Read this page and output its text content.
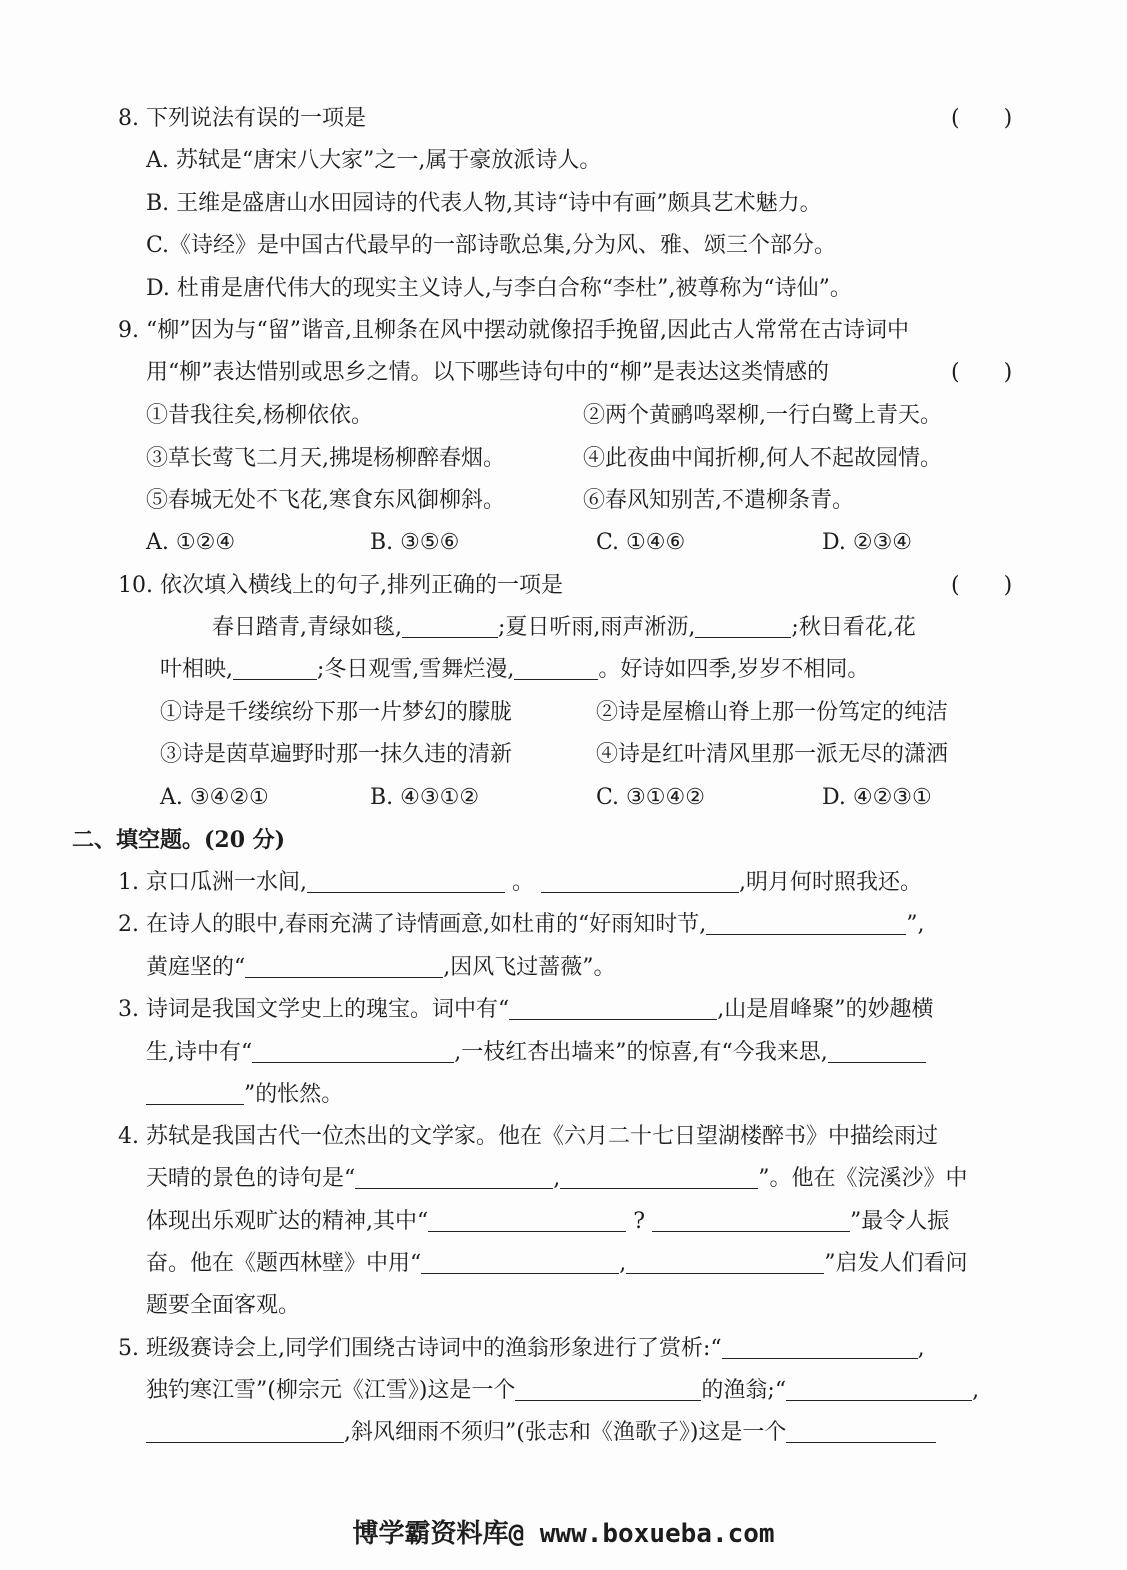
8. 下列说法有误的一项是	(　　)
A. 苏轼是“唐宋八大家”之一,属于豪放派诗人。
B. 王维是盛唐山水田园诗的代表人物,其诗“诗中有画”颇具艺术魅力。
C.《诗经》是中国古代最早的一部诗歌总集,分为风、雅、颂三个部分。
D. 杜甫是唐代伟大的现实主义诗人,与李白合称“李杜”,被尊称为“诗仙”。
9. “柳”因为与“留”谐音,且柳条在风中摆动就像招手挽留,因此古人常常在古诗词中
用“柳”表达惜别或思乡之情。以下哪些诗句中的“柳”是表达这类情感的	(　　)
①昔我往矣,杨柳依依。	②两个黄鹂鸣翠柳,一行白鹭上青天。
③草长莺飞二月天,拂堤杨柳醉春烟。	④此夜曲中闻折柳,何人不起故园情。
⑤春城无处不飞花,寒食东风御柳斜。	⑥春风知别苦,不遣柳条青。
A. ①②④	B. ③⑤⑥	C. ①④⑥	D. ②③④
10. 依次填入横线上的句子,排列正确的一项是	(　　)
春日踏青,青绿如毯,	;夏日听雨,雨声淅沥,	;秋日看花,花
叶相映,	;冬日观雪,雪舞烂漫,	。好诗如四季,岁岁不相同。
①诗是千缕缤纷下那一片梦幻的朦胧	②诗是屋檐山脊上那一份笃定的纯洁
③诗是茵草遍野时那一抹久违的清新	④诗是红叶清风里那一派无尽的潇洒
A. ③④②①	B. ④③①②	C. ③①④②	D. ④②③①
二、填空题。(20 分)
1. 京口瓜洲一水间,	。	,明月何时照我还。
2. 在诗人的眼中,春雨充满了诗情画意,如杜甫的“好雨知时节,	”,
黄庭坚的“	,因风飞过蔷薇”。
3. 诗词是我国文学史上的瑰宝。词中有“	,山是眉峰聚”的妙趣横
生,诗中有“	,一枝红杏出墙来”的惊喜,有“今我来思,
”的怅然。
4. 苏轼是我国古代一位杰出的文学家。他在《六月二十七日望湖楼醉书》中描绘雨过
天晴的景色的诗句是“	,	”。他在《浣溪沙》中
体现出乐观旷达的精神,其中“	?	”最令人振
奋。他在《题西林壁》中用“	,	”启发人们看问
题要全面客观。
5. 班级赛诗会上,同学们围绕古诗词中的渔翁形象进行了赏析:“	,
独钓寒江雪”(柳宗元《江雪》)这是一个	的渔翁;“	,
,斜风细雨不须归”(张志和《渔歌子》)这是一个
博学霸资料库@ www.boxueba.com
